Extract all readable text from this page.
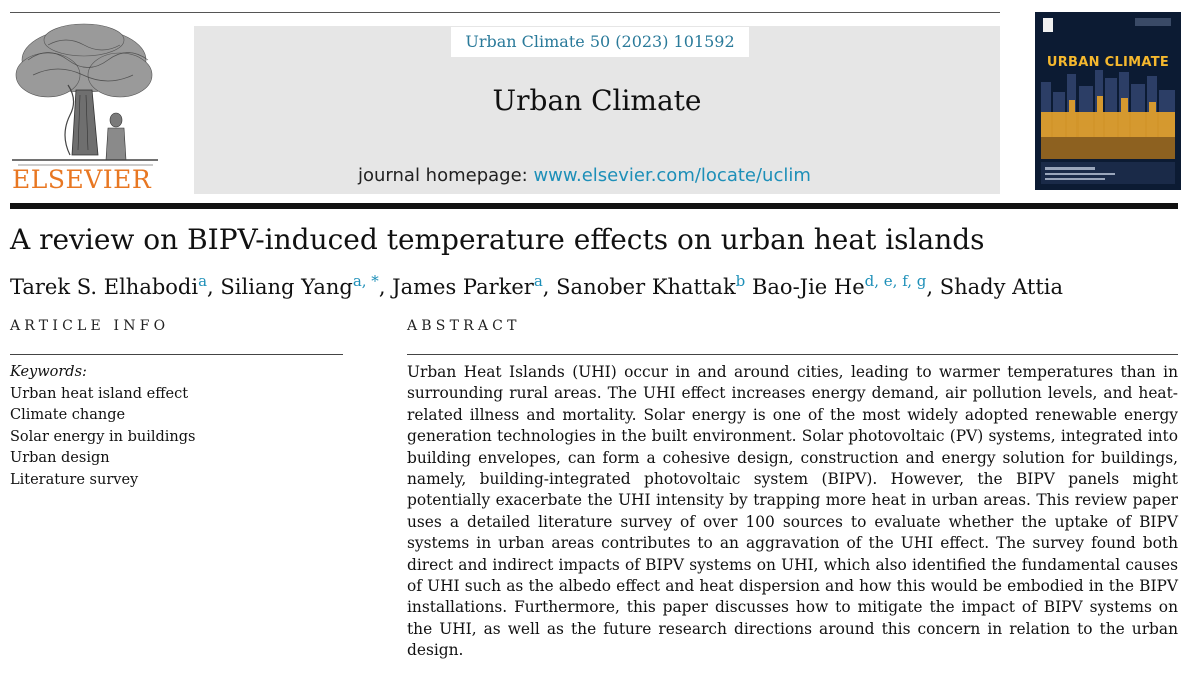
ELSEVIER
Urban Climate 50 (2023) 101592
Urban Climate
journal homepage: www.elsevier.com/locate/uclim
URBAN CLIMATE
A review on BIPV-induced temperature effects on urban heat islands
Tarek S. Elhabodi$^a$, Siliang Yang$^{a, *}$, James Parker$^a$, Sanober Khattak$^b$ Bao-Jie He$^{d, e, f, g}$, Shady Attia
ARTICLE INFO	ABSTRACT
Keywords:
Urban heat island effect
Climate change
Solar energy in buildings
Urban design
Literature survey
Urban Heat Islands (UHI) occur in and around cities, leading to warmer temperatures than in surrounding rural areas. The UHI effect increases energy demand, air pollution levels, and heat-related illness and mortality. Solar energy is one of the most widely adopted renewable energy generation technologies in the built environment. Solar photovoltaic (PV) systems, integrated into building envelopes, can form a cohesive design, construction and energy solution for buildings, namely, building-integrated photovoltaic system (BIPV). However, the BIPV panels might potentially exacerbate the UHI intensity by trapping more heat in urban areas. This review paper uses a detailed literature survey of over 100 sources to evaluate whether the uptake of BIPV systems in urban areas contributes to an aggravation of the UHI effect. The survey found both direct and indirect impacts of BIPV systems on UHI, which also identified the fundamental causes of UHI such as the albedo effect and heat dispersion and how this would be embodied in the BIPV installations. Furthermore, this paper discusses how to mitigate the impact of BIPV systems on the UHI, as well as the future research directions around this concern in relation to the urban design.
